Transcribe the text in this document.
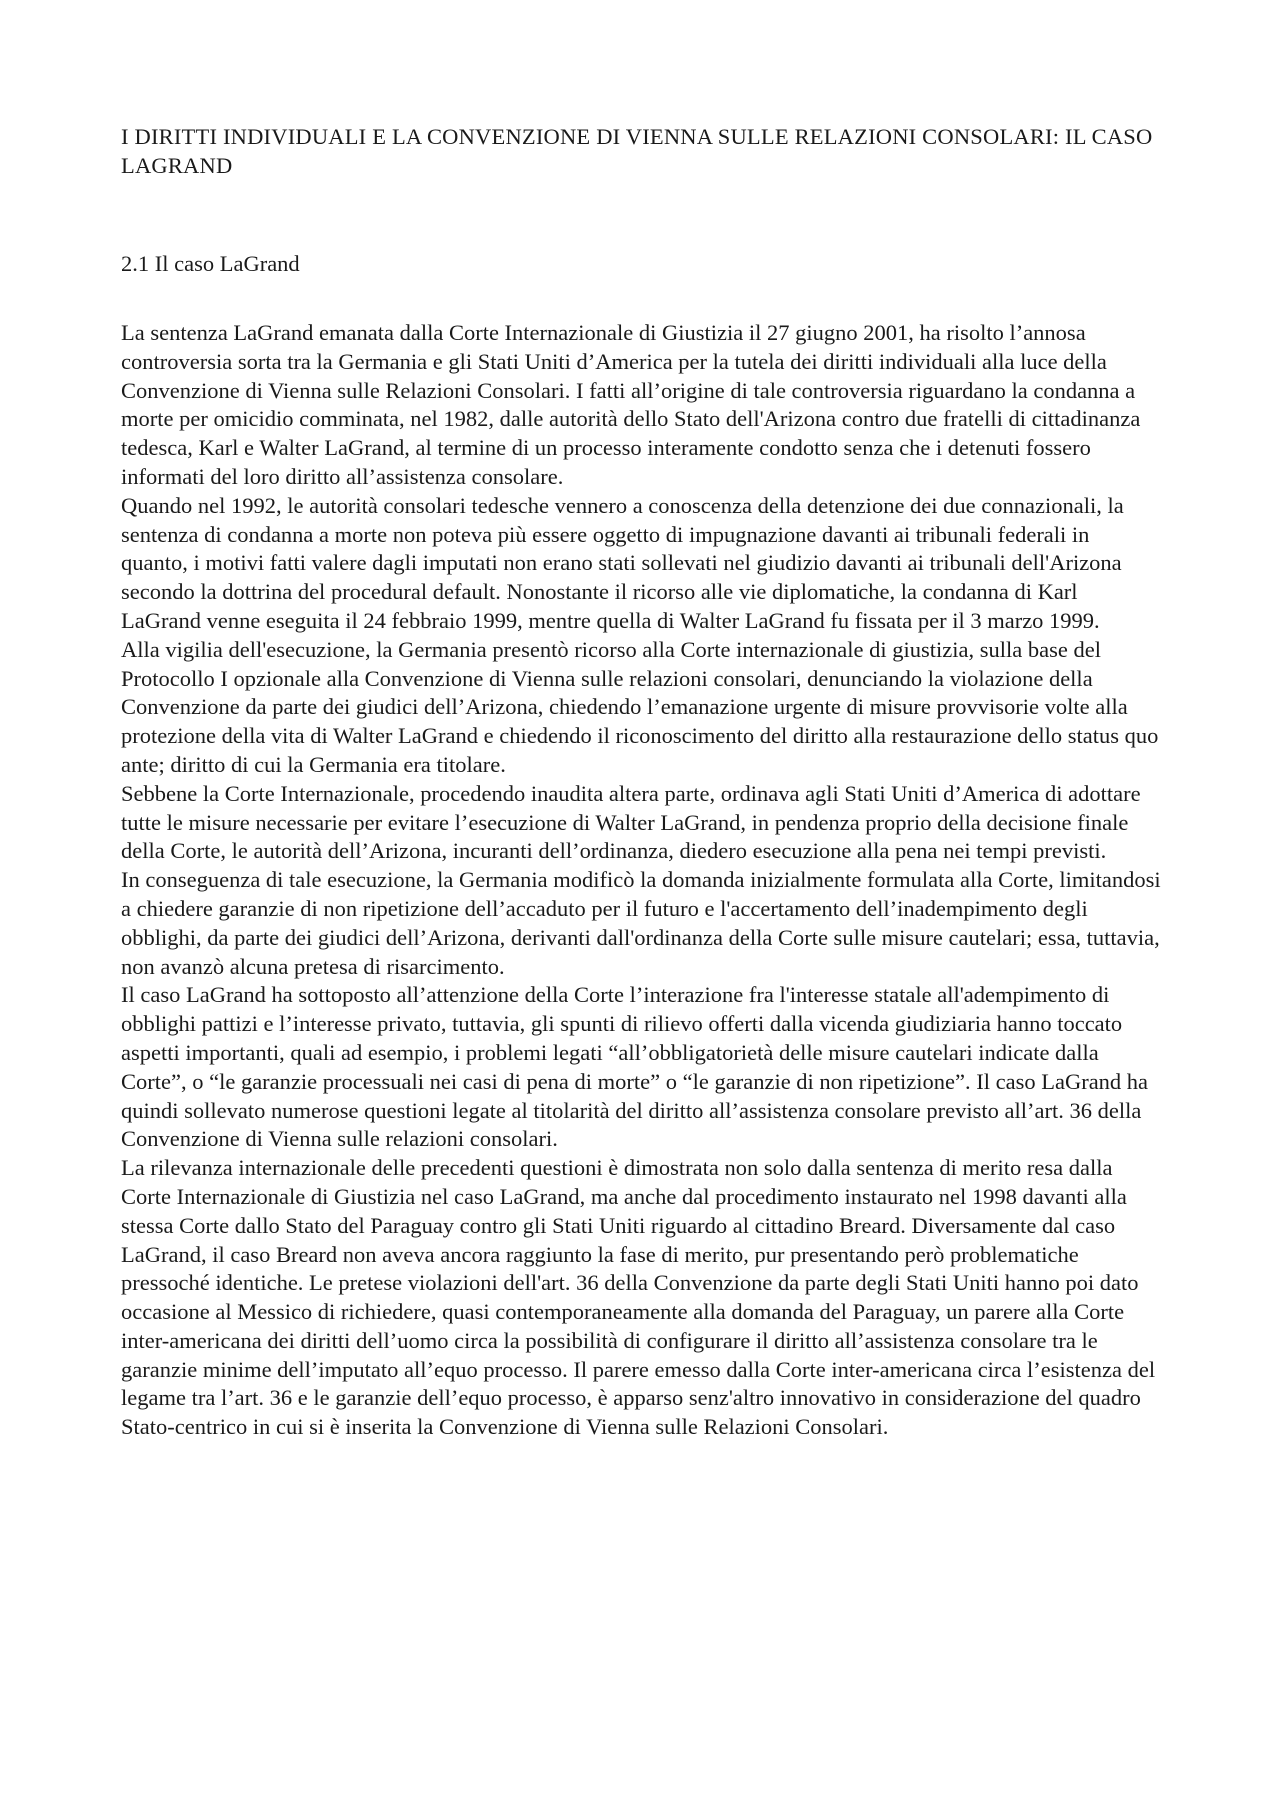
I DIRITTI INDIVIDUALI E LA CONVENZIONE DI VIENNA SULLE RELAZIONI CONSOLARI: IL CASO LAGRAND
2.1 Il caso LaGrand

La sentenza LaGrand emanata dalla Corte Internazionale di Giustizia il 27 giugno 2001, ha risolto l’annosa controversia sorta tra la Germania e gli Stati Uniti d’America per la tutela dei diritti individuali alla luce della Convenzione di Vienna sulle Relazioni Consolari. I fatti all’origine di tale controversia riguardano la condanna a morte per omicidio comminata, nel 1982, dalle autorità dello Stato dell'Arizona contro due fratelli di cittadinanza tedesca, Karl e Walter LaGrand, al termine di un processo interamente condotto senza che i detenuti fossero informati del loro diritto all’assistenza consolare.

Quando nel 1992, le autorità consolari tedesche vennero a conoscenza della detenzione dei due connazionali, la sentenza di condanna a morte non poteva più essere oggetto di impugnazione davanti ai tribunali federali in quanto, i motivi fatti valere dagli imputati non erano stati sollevati nel giudizio davanti ai tribunali dell'Arizona secondo la dottrina del procedural default. Nonostante il ricorso alle vie diplomatiche, la condanna di Karl LaGrand venne eseguita il 24 febbraio 1999, mentre quella di Walter LaGrand fu fissata per il 3 marzo 1999.

Alla vigilia dell'esecuzione, la Germania presentò ricorso alla Corte internazionale di giustizia, sulla base del Protocollo I opzionale alla Convenzione di Vienna sulle relazioni consolari, denunciando la violazione della Convenzione da parte dei giudici dell’Arizona, chiedendo l’emanazione urgente di misure provvisorie volte alla protezione della vita di Walter LaGrand e chiedendo il riconoscimento del diritto alla restaurazione dello status quo ante; diritto di cui la Germania era titolare.

Sebbene la Corte Internazionale, procedendo inaudita altera parte, ordinava agli Stati Uniti d’America di adottare tutte le misure necessarie per evitare l’esecuzione di Walter LaGrand, in pendenza proprio della decisione finale della Corte, le autorità dell’Arizona, incuranti dell’ordinanza, diedero esecuzione alla pena nei tempi previsti.

In conseguenza di tale esecuzione, la Germania modificò la domanda inizialmente formulata alla Corte, limitandosi a chiedere garanzie di non ripetizione dell’accaduto per il futuro e l'accertamento dell’inadempimento degli obblighi, da parte dei giudici dell’Arizona, derivanti dall'ordinanza della Corte sulle misure cautelari; essa, tuttavia, non avanzò alcuna pretesa di risarcimento.

Il caso LaGrand ha sottoposto all’attenzione della Corte l’interazione fra l'interesse statale all'adempimento di obblighi pattizi e l’interesse privato, tuttavia, gli spunti di rilievo offerti dalla vicenda giudiziaria hanno toccato aspetti importanti, quali ad esempio, i problemi legati “all’obbligatorietà delle misure cautelari indicate dalla Corte”, o “le garanzie processuali nei casi di pena di morte” o “le garanzie di non ripetizione”. Il caso LaGrand ha quindi sollevato numerose questioni legate al titolarità del diritto all’assistenza consolare previsto all’art. 36 della Convenzione di Vienna sulle relazioni consolari.

La rilevanza internazionale delle precedenti questioni è dimostrata non solo dalla sentenza di merito resa dalla Corte Internazionale di Giustizia nel caso LaGrand, ma anche dal procedimento instaurato nel 1998 davanti alla stessa Corte dallo Stato del Paraguay contro gli Stati Uniti riguardo al cittadino Breard. Diversamente dal caso LaGrand, il caso Breard non aveva ancora raggiunto la fase di merito, pur presentando però problematiche pressoché identiche. Le pretese violazioni dell'art. 36 della Convenzione da parte degli Stati Uniti hanno poi dato occasione al Messico di richiedere, quasi contemporaneamente alla domanda del Paraguay, un parere alla Corte inter-americana dei diritti dell’uomo circa la possibilità di configurare il diritto all’assistenza consolare tra le garanzie minime dell’imputato all’equo processo. Il parere emesso dalla Corte inter-americana circa l’esistenza del legame tra l’art. 36 e le garanzie dell’equo processo, è apparso senz'altro innovativo in considerazione del quadro Stato-centrico in cui si è inserita la Convenzione di Vienna sulle Relazioni Consolari.
